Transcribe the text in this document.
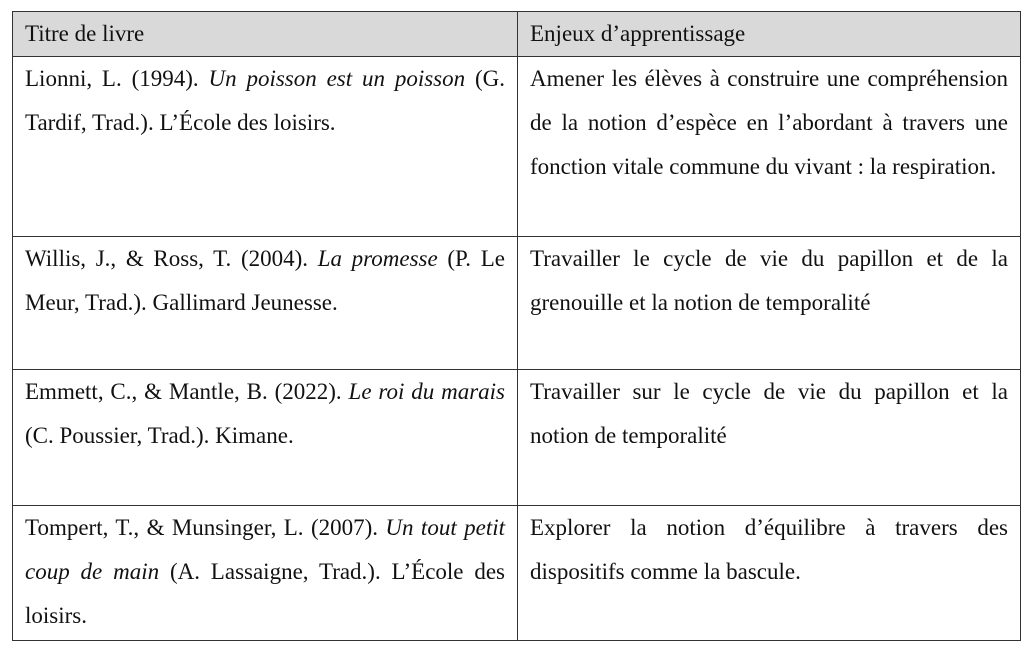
Titre de livre	Enjeux d’apprentissage
Lionni, L. (1994). Un poisson est un poisson (G. Tardif, Trad.). L’École des loisirs.	Amener les élèves à construire une compréhension de la notion d’espèce en l’abordant à travers une fonction vitale commune du vivant : la respiration.
Willis, J., & Ross, T. (2004). La promesse (P. Le Meur, Trad.). Gallimard Jeunesse.	Travailler le cycle de vie du papillon et de la grenouille et la notion de temporalité
Emmett, C., & Mantle, B. (2022). Le roi du marais (C. Poussier, Trad.). Kimane.	Travailler sur le cycle de vie du papillon et la notion de temporalité
Tompert, T., & Munsinger, L. (2007). Un tout petit coup de main (A. Lassaigne, Trad.). L’École des loisirs.	Explorer la notion d’équilibre à travers des dispositifs comme la bascule.
